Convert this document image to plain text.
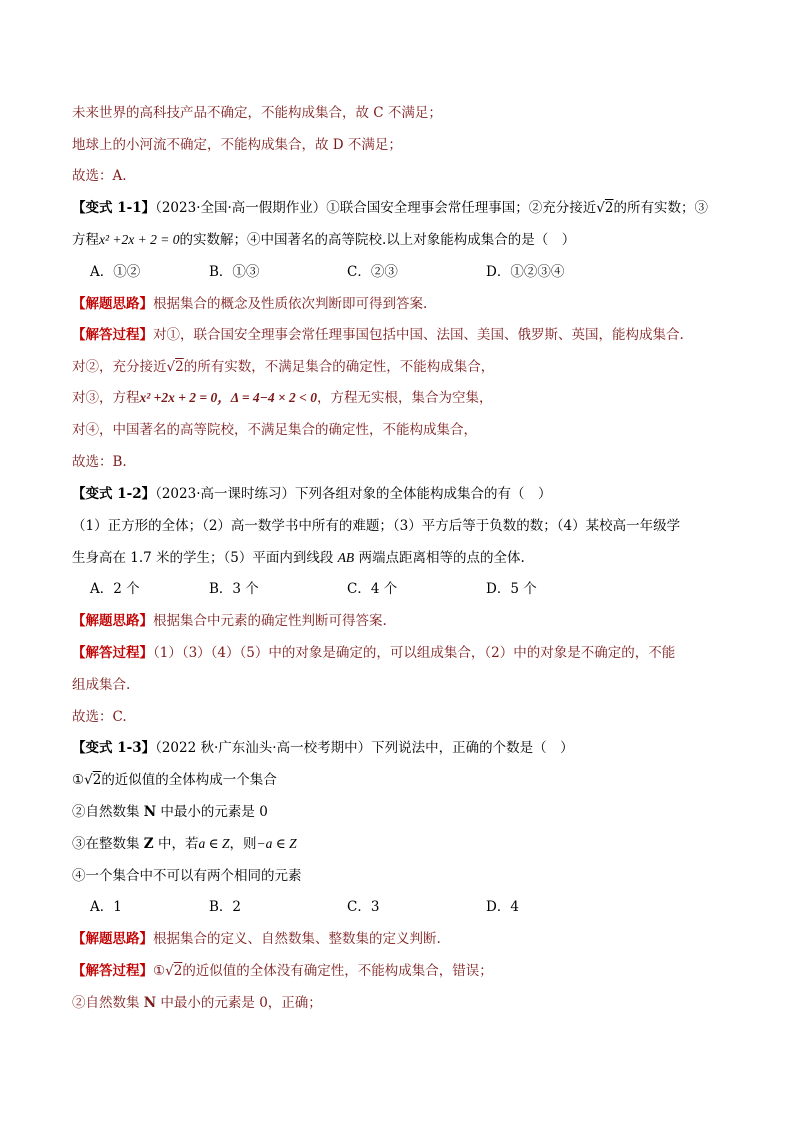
未来世界的高科技产品不确定，不能构成集合，故 C 不满足；
地球上的小河流不确定，不能构成集合，故 D 不满足；
故选：A.
【变式 1-1】（2023·全国·高一假期作业）①联合国安全理事会常任理事国；②充分接近√2的所有实数；③
方程x² +2x + 2 = 0的实数解；④中国著名的高等院校.以上对象能构成集合的是（　）
A．①②	B．①③	C．②③	D．①②③④
【解题思路】根据集合的概念及性质依次判断即可得到答案.
【解答过程】对①，联合国安全理事会常任理事国包括中国、法国、美国、俄罗斯、英国，能构成集合.
对②，充分接近√2的所有实数，不满足集合的确定性，不能构成集合，
对③，方程x² +2x + 2 = 0，Δ = 4−4 × 2 < 0，方程无实根，集合为空集，
对④，中国著名的高等院校，不满足集合的确定性，不能构成集合，
故选：B.
【变式 1-2】（2023·高一课时练习）下列各组对象的全体能构成集合的有（　）
（1）正方形的全体；（2）高一数学书中所有的难题；（3）平方后等于负数的数；（4）某校高一年级学
生身高在 1.7 米的学生；（5）平面内到线段 AB 两端点距离相等的点的全体.
A．2 个	B．3 个	C．4 个	D．5 个
【解题思路】根据集合中元素的确定性判断可得答案.
【解答过程】（1）（3）（4）（5）中的对象是确定的，可以组成集合，（2）中的对象是不确定的，不能
组成集合.
故选：C.
【变式 1-3】（2022 秋·广东汕头·高一校考期中）下列说法中，正确的个数是（　）
①√2的近似值的全体构成一个集合
②自然数集 N 中最小的元素是 0
③在整数集 Z 中，若a ∈ Z，则−a ∈ Z
④一个集合中不可以有两个相同的元素
A．1	B．2	C．3	D．4
【解题思路】根据集合的定义、自然数集、整数集的定义判断.
【解答过程】①√2的近似值的全体没有确定性，不能构成集合，错误；
②自然数集 N 中最小的元素是 0，正确；
